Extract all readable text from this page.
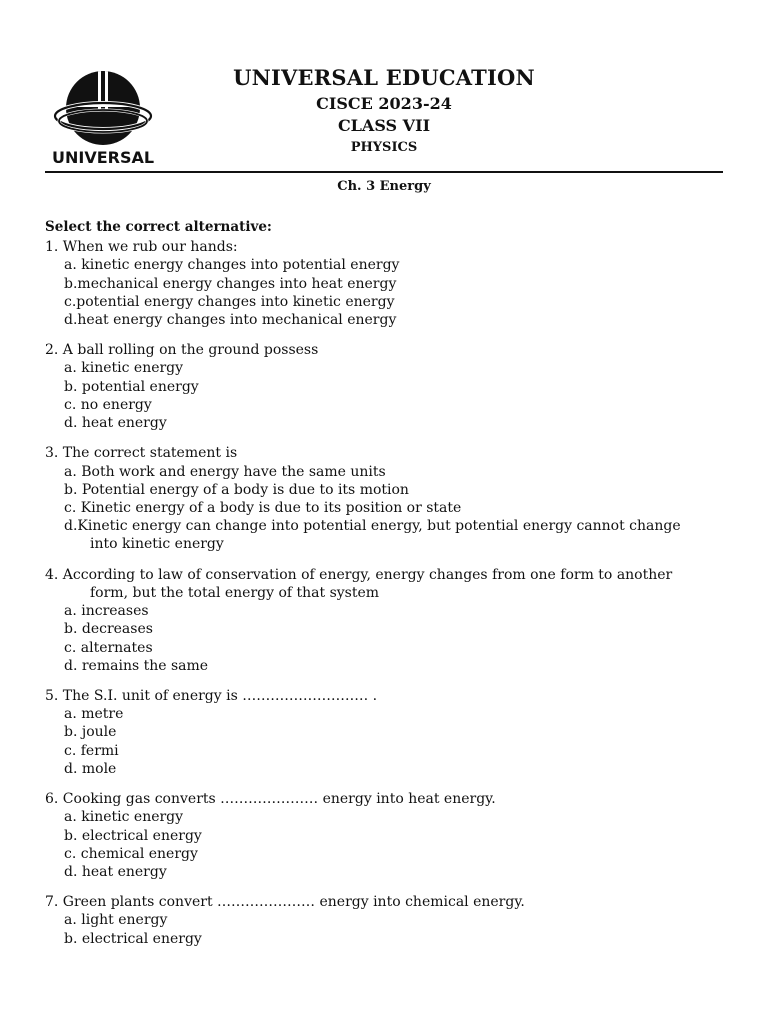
UNIVERSAL
UNIVERSAL EDUCATION
CISCE 2023-24
CLASS VII
PHYSICS
Ch. 3 Energy
Select the correct alternative:
1. When we rub our hands:
a. kinetic energy changes into potential energy
b.mechanical energy changes into heat energy
c.potential energy changes into kinetic energy
d.heat energy changes into mechanical energy
2. A ball rolling on the ground possess
a. kinetic energy
b. potential energy
c. no energy
d. heat energy
3. The correct statement is
a. Both work and energy have the same units
b. Potential energy of a body is due to its motion
c. Kinetic energy of a body is due to its position or state
d.Kinetic energy can change into potential energy, but potential energy cannot change
into kinetic energy
4. According to law of conservation of energy, energy changes from one form to another
form, but the total energy of that system
a. increases
b. decreases
c. alternates
d. remains the same
5. The S.I. unit of energy is ……………………… .
a. metre
b. joule
c. fermi
d. mole
6. Cooking gas converts ………………… energy into heat energy.
a. kinetic energy
b. electrical energy
c. chemical energy
d. heat energy
7. Green plants convert ………………… energy into chemical energy.
a. light energy
b. electrical energy
